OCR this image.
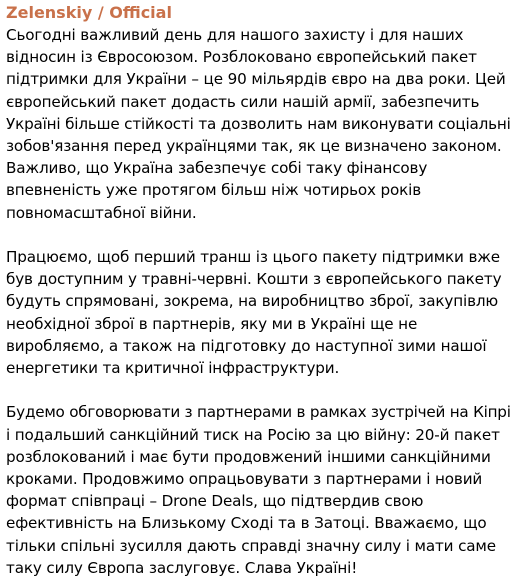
Zelenskiy / Official

Сьогодні важливий день для нашого захисту і для наших
відносин із Євросоюзом. Розблоковано європейський пакет
підтримки для України – це 90 мільярдів євро на два роки. Цей
європейський пакет додасть сили нашій армії, забезпечить
Україні більше стійкості та дозволить нам виконувати соціальні
зобов'язання перед українцями так, як це визначено законом.
Важливо, що Україна забезпечує собі таку фінансову
впевненість уже протягом більш ніж чотирьох років
повномасштабної війни.

Працюємо, щоб перший транш із цього пакету підтримки вже
був доступним у травні-червні. Кошти з європейського пакету
будуть спрямовані, зокрема, на виробництво зброї, закупівлю
необхідної зброї в партнерів, яку ми в Україні ще не
виробляємо, а також на підготовку до наступної зими нашої
енергетики та критичної інфраструктури.

Будемо обговорювати з партнерами в рамках зустрічей на Кіпрі
і подальший санкційний тиск на Росію за цю війну: 20-й пакет
розблокований і має бути продовжений іншими санкційними
кроками. Продовжимо опрацьовувати з партнерами і новий
формат співпраці – Drone Deals, що підтвердив свою
ефективність на Близькому Сході та в Затоці. Вважаємо, що
тільки спільні зусилля дають справді значну силу і мати саме
таку силу Європа заслуговує. Слава Україні!
